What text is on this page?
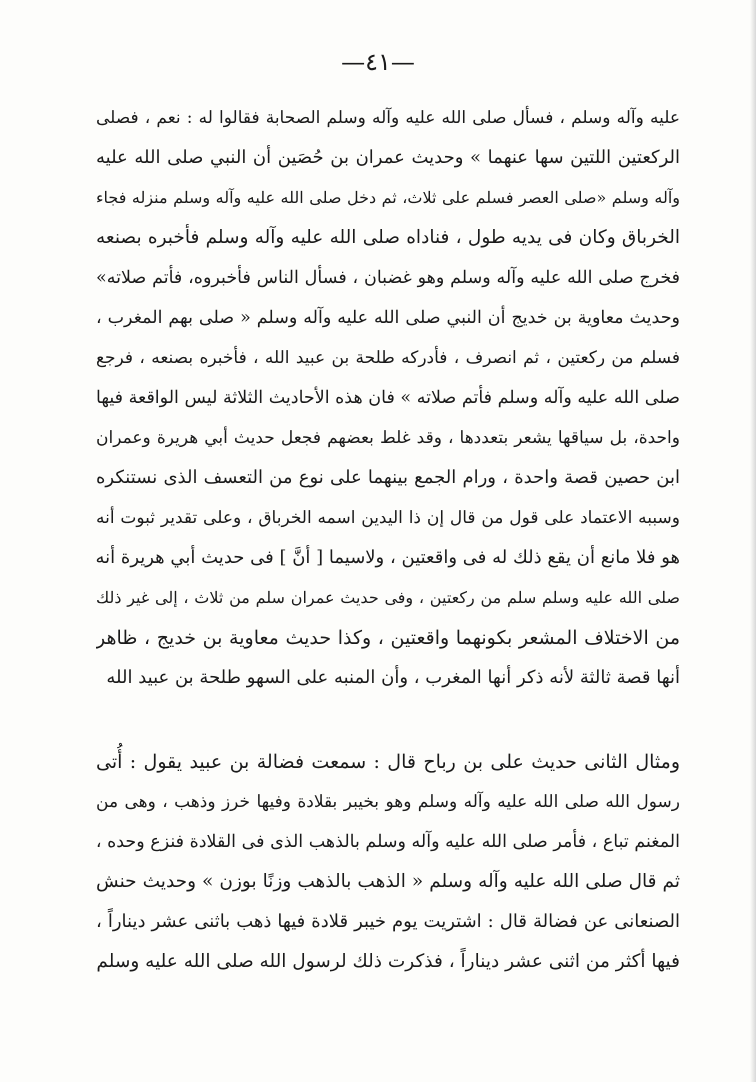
—٤١—
عليه وآله وسلم ، فسأل صلى الله عليه وآله وسلم الصحابة فقالوا له : نعم ، فصلى
الركعتين اللتين سها عنهما » وحديث عمران بن حُصَين أن النبي صلى الله عليه
وآله وسلم «صلى العصر فسلم على ثلاث، ثم دخل صلى الله عليه وآله وسلم منزله فجاء
الخرباق وكان فى يديه طول ، فناداه صلى الله عليه وآله وسلم فأخبره بصنعه
فخرج صلى الله عليه وآله وسلم وهو غضبان ، فسأل الناس فأخبروه، فأتم صلاته»
وحديث معاوية بن خديج أن النبي صلى الله عليه وآله وسلم « صلى بهم المغرب ،
فسلم من ركعتين ، ثم انصرف ، فأدركه طلحة بن عبيد الله ، فأخبره بصنعه ، فرجع
صلى الله عليه وآله وسلم فأتم صلاته » فان هذه الأحاديث الثلاثة ليس الواقعة فيها
واحدة، بل سياقها يشعر بتعددها ، وقد غلط بعضهم فجعل حديث أبي هريرة وعمران
ابن حصين قصة واحدة ، ورام الجمع بينهما على نوع من التعسف الذى نستنكره
وسببه الاعتماد على قول من قال إن ذا اليدين اسمه الخرباق ، وعلى تقدير ثبوت أنه
هو فلا مانع أن يقع ذلك له فى واقعتين ، ولاسيما [ أنَّ ] فى حديث أبي هريرة أنه
صلى الله عليه وسلم سلم من ركعتين ، وفى حديث عمران سلم من ثلاث ، إلى غير ذلك
من الاختلاف المشعر بكونهما واقعتين ، وكذا حديث معاوية بن خديج ، ظاهر
أنها قصة ثالثة لأنه ذكر أنها المغرب ، وأن المنبه على السهو طلحة بن عبيد الله
ومثال الثانى حديث على بن رباح قال : سمعت فضالة بن عبيد يقول : أُتى
رسول الله صلى الله عليه وآله وسلم وهو بخيبر بقلادة وفيها خرز وذهب ، وهى من
المغنم تباع ، فأمر صلى الله عليه وآله وسلم بالذهب الذى فى القلادة فنزع وحده ،
ثم قال صلى الله عليه وآله وسلم « الذهب بالذهب وزنًا بوزن » وحديث حنش
الصنعانى عن فضالة قال : اشتريت يوم خيبر قلادة فيها ذهب باثنى عشر ديناراً ،
فيها أكثر من اثنى عشر ديناراً ، فذكرت ذلك لرسول الله صلى الله عليه وسلم
